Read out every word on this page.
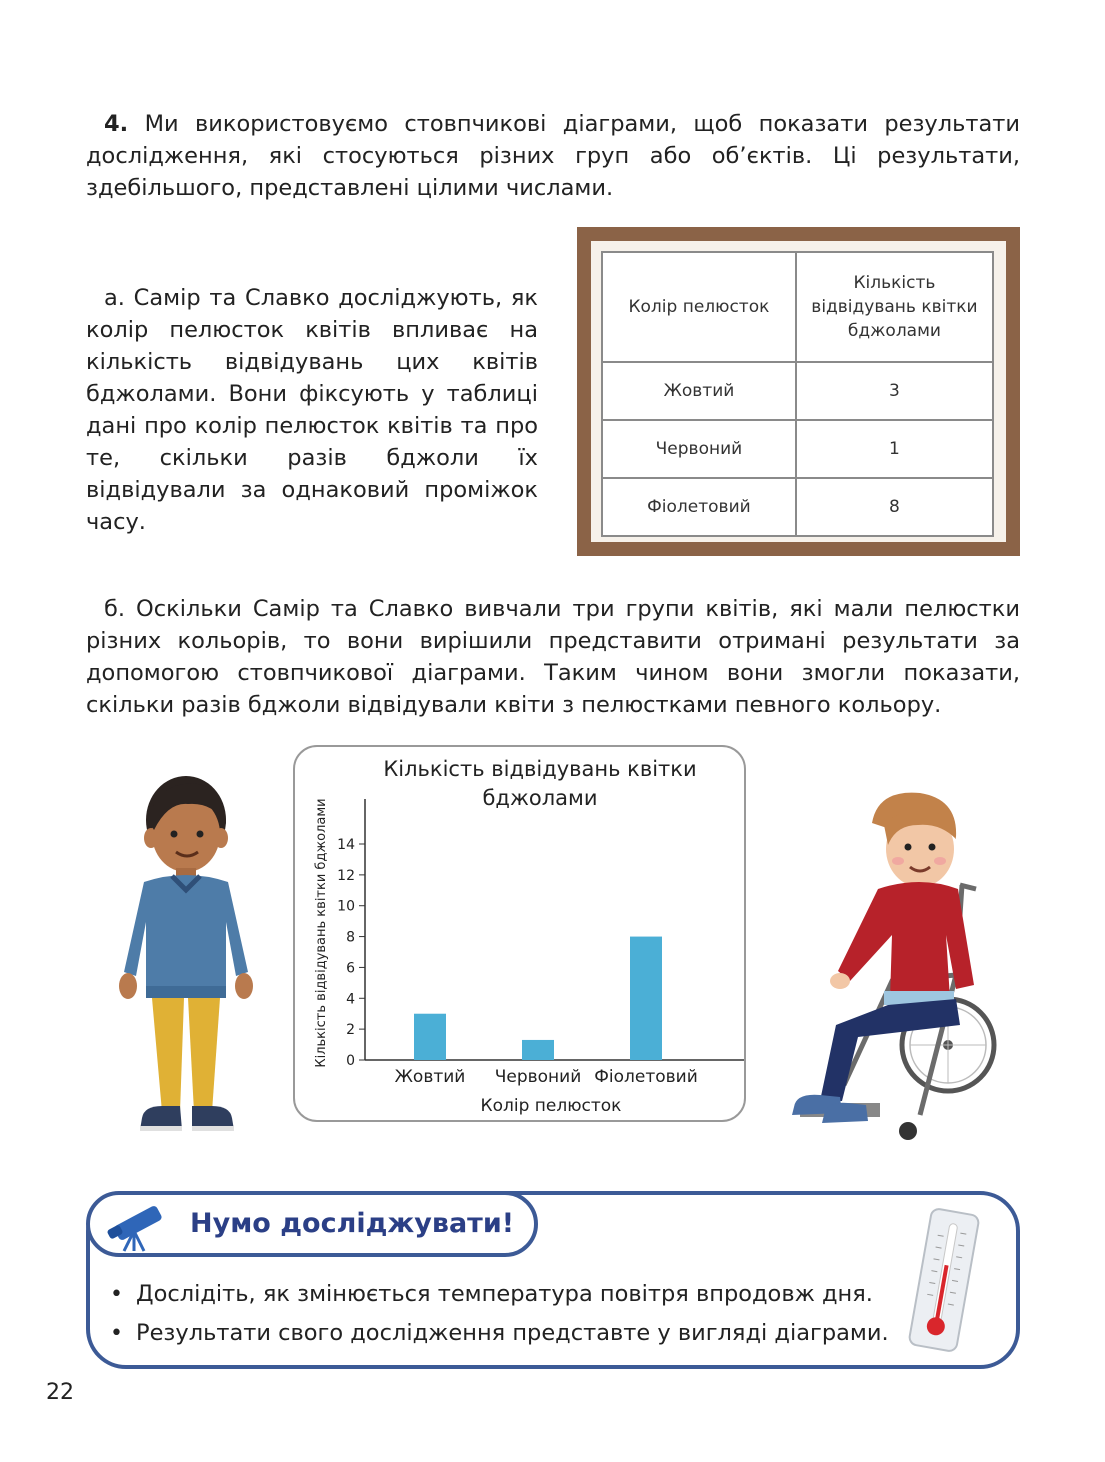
4. Ми використовуємо стовпчикові діаграми, щоб показати результати дослідження, які стосуються різних груп або об’єктів. Ці результати, здебільшого, представлені цілими числами.

а. Самір та Славко досліджують, як колір пелюсток квітів впливає на кількість відвідувань цих квітів бджолами. Вони фіксують у таблиці дані про колір пелюсток квітів та про те, скільки разів бджоли їх відвідували за однаковий проміжок часу.

Колір пелюсток	Кількість відвідувань квітки бджолами
Жовтий	3
Червоний	1
Фіолетовий	8

б. Оскільки Самір та Славко вивчали три групи квітів, які мали пелюстки різних кольорів, то вони вирішили представити отримані результати за допомогою стовпчикової діаграми. Таким чином вони змогли показати, скільки разів бджоли відвідували квіти з пелюстками певного кольору.

Кількість відвідувань квітки
бджолами
Кількість відвідувань квітки бджолами 0
2
4
6
8
10
12
14
Жовтий Червоний Фіолетовий
Колір пелюсток
Нумо досліджувати!
• Дослідіть, як змінюється температура повітря впродовж дня.
• Результати свого дослідження представте у вигляді діаграми.

22
